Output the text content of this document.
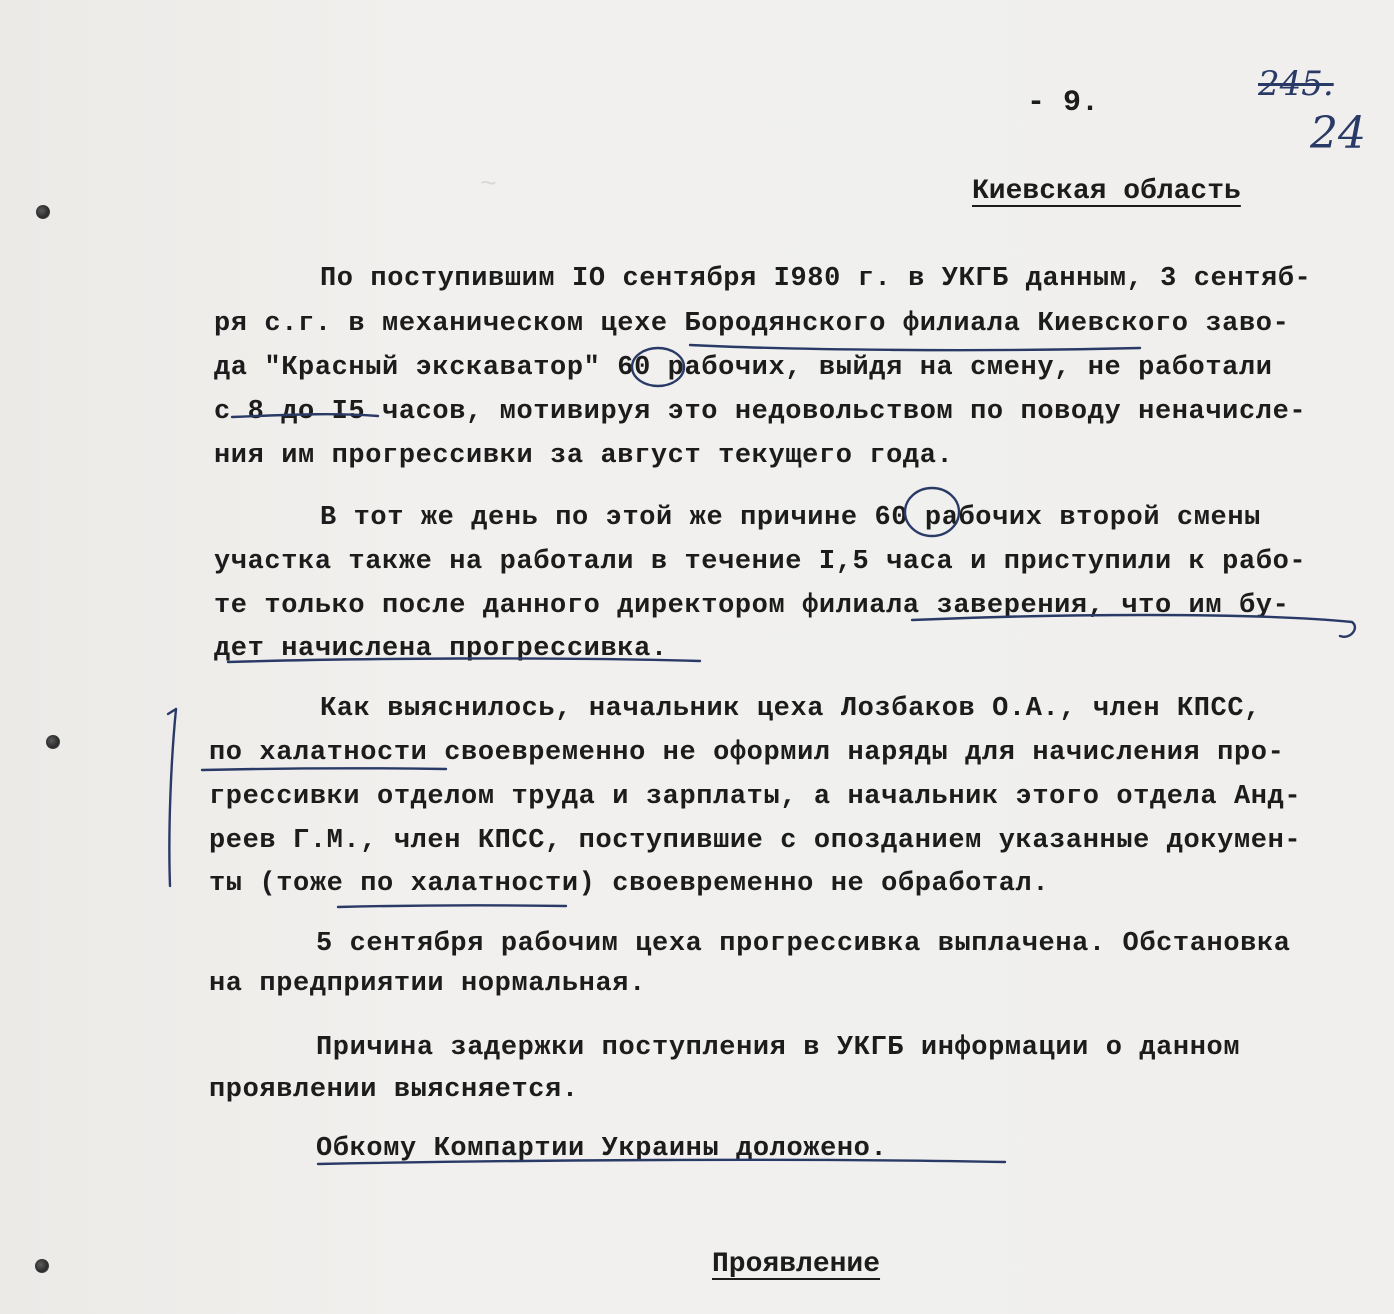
~
- 9.	245.
24
Киевская область
По поступившим IO сентября I980 г. в УКГБ данным, 3 сентяб-
ря с.г. в механическом цехе Бородянского филиала Киевского заво-
да "Красный экскаватор" 60 рабочих, выйдя на смену, не работали
с 8 до I5 часов, мотивируя это недовольством по поводу неначисле-
ния им прогрессивки за август текущего года.
В тот же день по этой же причине 60 рабочих второй смены
участка также на работали в течение I,5 часа и приступили к рабо-
те только после данного директором филиала заверения, что им бу-
дет начислена прогрессивка.
Как выяснилось, начальник цеха Лозбаков О.А., член КПСС,
по халатности своевременно не оформил наряды для начисления про-
грессивки отделом труда и зарплаты, а начальник этого отдела Анд-
реев Г.М., член КПСС, поступившие с опозданием указанные докумен-
ты (тоже по халатности) своевременно не обработал.
5 сентября рабочим цеха прогрессивка выплачена. Обстановка
на предприятии нормальная.
Причина задержки поступления в УКГБ информации о данном
проявлении выясняется.
Обкому Компартии Украины доложено.
Проявление
